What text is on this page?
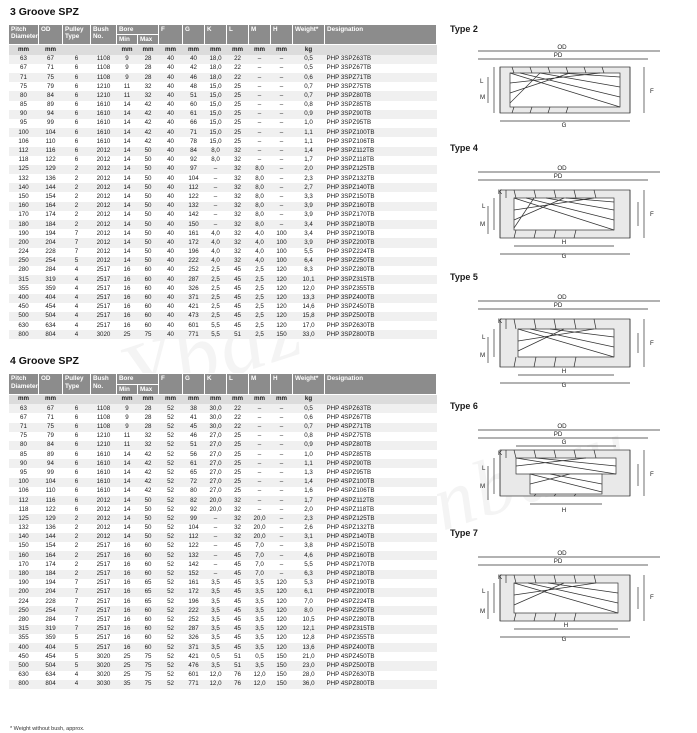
3 Groove SPZ
Pitch Diameter	OD	Pulley Type	Bush No.	Bore		F	G	K	L	M	H	Weight*	Designation
				Min	Max								
mm	mm			mm	mm	mm	mm	mm	mm	mm	mm	kg	
63	67	6	1108	9	28	40	40	18,0	22	–	–	0,5	PHP 3SPZ63TB
67	71	6	1108	9	28	40	42	18,0	22	–	–	0,5	PHP 3SPZ67TB
71	75	6	1108	9	28	40	46	18,0	22	–	–	0,6	PHP 3SPZ71TB
75	79	6	1210	11	32	40	48	15,0	25	–	–	0,7	PHP 3SPZ75TB
80	84	6	1210	11	32	40	51	15,0	25	–	–	0,7	PHP 3SPZ80TB
85	89	6	1610	14	42	40	60	15,0	25	–	–	0,8	PHP 3SPZ85TB
90	94	6	1610	14	42	40	61	15,0	25	–	–	0,9	PHP 3SPZ90TB
95	99	6	1610	14	42	40	66	15,0	25	–	–	1,0	PHP 3SPZ95TB
100	104	6	1610	14	42	40	71	15,0	25	–	–	1,1	PHP 3SPZ100TB
106	110	6	1610	14	42	40	78	15,0	25	–	–	1,1	PHP 3SPZ106TB
112	116	6	2012	14	50	40	84	8,0	32	–	–	1,4	PHP 3SPZ112TB
118	122	6	2012	14	50	40	92	8,0	32	–	–	1,7	PHP 3SPZ118TB
125	129	2	2012	14	50	40	97	–	32	8,0	–	2,0	PHP 3SPZ125TB
132	136	2	2012	14	50	40	104	–	32	8,0	–	2,3	PHP 3SPZ132TB
140	144	2	2012	14	50	40	112	–	32	8,0	–	2,7	PHP 3SPZ140TB
150	154	2	2012	14	50	40	122	–	32	8,0	–	3,3	PHP 3SPZ150TB
160	164	2	2012	14	50	40	132	–	32	8,0	–	3,9	PHP 3SPZ160TB
170	174	2	2012	14	50	40	142	–	32	8,0	–	3,9	PHP 3SPZ170TB
180	184	2	2012	14	50	40	150	–	32	8,0	–	3,4	PHP 3SPZ180TB
190	194	7	2012	14	50	40	161	4,0	32	4,0	100	3,4	PHP 3SPZ190TB
200	204	7	2012	14	50	40	172	4,0	32	4,0	100	3,9	PHP 3SPZ200TB
224	228	7	2012	14	50	40	196	4,0	32	4,0	100	5,5	PHP 3SPZ224TB
250	254	5	2012	14	50	40	222	4,0	32	4,0	100	6,4	PHP 3SPZ250TB
280	284	4	2517	16	60	40	252	2,5	45	2,5	120	8,3	PHP 3SPZ280TB
315	319	4	2517	16	60	40	287	2,5	45	2,5	120	10,1	PHP 3SPZ315TB
355	359	4	2517	16	60	40	326	2,5	45	2,5	120	12,0	PHP 3SPZ355TB
400	404	4	2517	16	60	40	371	2,5	45	2,5	120	13,3	PHP 3SPZ400TB
450	454	4	2517	16	60	40	421	2,5	45	2,5	120	14,6	PHP 3SPZ450TB
500	504	4	2517	16	60	40	473	2,5	45	2,5	120	15,8	PHP 3SPZ500TB
630	634	4	2517	16	60	40	601	5,5	45	2,5	120	17,0	PHP 3SPZ630TB
800	804	4	3020	25	75	40	771	5,5	51	2,5	150	33,0	PHP 3SPZ800TB
4 Groove SPZ
Pitch Diameter	OD	Pulley Type	Bush No.	Bore		F	G	K	L	M	H	Weight*	Designation
				Min	Max								
mm	mm			mm	mm	mm	mm	mm	mm	mm	mm	kg	
63	67	6	1108	9	28	52	38	30,0	22	–	–	0,5	PHP 4SPZ63TB
67	71	6	1108	9	28	52	41	30,0	22	–	–	0,6	PHP 4SPZ67TB
71	75	6	1108	9	28	52	45	30,0	22	–	–	0,7	PHP 4SPZ71TB
75	79	6	1210	11	32	52	46	27,0	25	–	–	0,8	PHP 4SPZ75TB
80	84	6	1210	11	32	52	51	27,0	25	–	–	0,9	PHP 4SPZ80TB
85	89	6	1610	14	42	52	56	27,0	25	–	–	1,0	PHP 4SPZ85TB
90	94	6	1610	14	42	52	61	27,0	25	–	–	1,1	PHP 4SPZ90TB
95	99	6	1610	14	42	52	65	27,0	25	–	–	1,3	PHP 4SPZ95TB
100	104	6	1610	14	42	52	72	27,0	25	–	–	1,4	PHP 4SPZ100TB
106	110	6	1610	14	42	52	80	27,0	25	–	–	1,6	PHP 4SPZ106TB
112	116	6	2012	14	50	52	82	20,0	32	–	–	1,7	PHP 4SPZ112TB
118	122	6	2012	14	50	52	92	20,0	32	–	–	2,0	PHP 4SPZ118TB
125	129	2	2012	14	50	52	99	–	32	20,0	–	2,3	PHP 4SPZ125TB
132	136	2	2012	14	50	52	104	–	32	20,0	–	2,6	PHP 4SPZ132TB
140	144	2	2012	14	50	52	112	–	32	20,0	–	3,1	PHP 4SPZ140TB
150	154	2	2517	16	60	52	122	–	45	7,0	–	3,8	PHP 4SPZ150TB
160	164	2	2517	16	60	52	132	–	45	7,0	–	4,6	PHP 4SPZ160TB
170	174	2	2517	16	60	52	142	–	45	7,0	–	5,5	PHP 4SPZ170TB
180	184	2	2517	16	60	52	152	–	45	7,0	–	6,3	PHP 4SPZ180TB
190	194	7	2517	16	65	52	161	3,5	45	3,5	120	5,3	PHP 4SPZ190TB
200	204	7	2517	16	65	52	172	3,5	45	3,5	120	6,1	PHP 4SPZ200TB
224	228	7	2517	16	65	52	196	3,5	45	3,5	120	7,0	PHP 4SPZ224TB
250	254	7	2517	16	60	52	222	3,5	45	3,5	120	8,0	PHP 4SPZ250TB
280	284	7	2517	16	60	52	252	3,5	45	3,5	120	10,5	PHP 4SPZ280TB
315	319	7	2517	16	60	52	287	3,5	45	3,5	120	12,1	PHP 4SPZ315TB
355	359	5	2517	16	60	52	326	3,5	45	3,5	120	12,8	PHP 4SPZ355TB
400	404	5	2517	16	60	52	371	3,5	45	3,5	120	13,6	PHP 4SPZ400TB
450	454	5	3020	25	75	52	421	0,5	51	0,5	150	21,0	PHP 4SPZ450TB
500	504	5	3020	25	75	52	476	3,5	51	3,5	150	23,0	PHP 4SPZ500TB
630	634	4	3020	25	75	52	601	12,0	76	12,0	150	28,0	PHP 4SPZ630TB
800	804	4	3030	35	75	52	771	12,0	76	12,0	150	36,0	PHP 4SPZ800TB
Type 2
OD
PD
L
M
F
G
Type 4
OD
PD
K
L
M
F
H
G
Type 5
OD
PD
K
L
M
F
H
G
Type 6
OD
PD
G
K
L
M
F
H
Type 7
OD
PD
K
L
M
F
H
G
* Weight without bush, approx.
